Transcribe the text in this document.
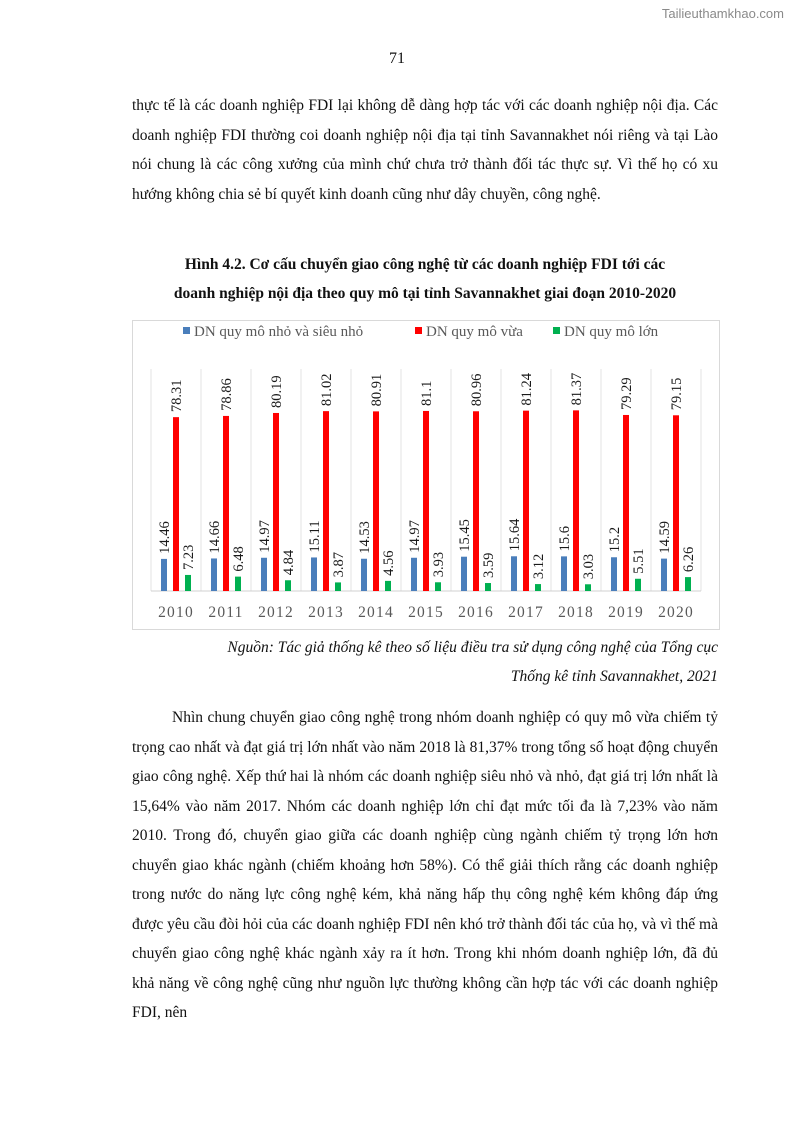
Tailieuthamkhao.com
71
thực tế là các doanh nghiệp FDI lại không dễ dàng hợp tác với các doanh nghiệp nội địa. Các doanh nghiệp FDI thường coi doanh nghiệp nội địa tại tỉnh Savannakhet nói riêng và tại Lào nói chung là các công xưởng của mình chứ chưa trở thành đối tác thực sự. Vì thế họ có xu hướng không chia sẻ bí quyết kinh doanh cũng như dây chuyền, công nghệ.
Hình 4.2. Cơ cấu chuyển giao công nghệ từ các doanh nghiệp FDI tới các
doanh nghiệp nội địa theo quy mô tại tỉnh Savannakhet giai đoạn 2010-2020
DN quy mô nhỏ và siêu nhỏ	DN quy mô vừa	DN quy mô lớn
14.46
78.31
7.23
2010
14.66
78.86
6.48
2011
14.97
80.19
4.84
2012
15.11
81.02
3.87
2013
14.53
80.91
4.56
2014
14.97
81.1
3.93
2015
15.45
80.96
3.59
2016
15.64
81.24
3.12
2017
15.6
81.37
3.03
2018
15.2
79.29
5.51
2019
14.59
79.15
6.26
2020
Nguồn: Tác giả thống kê theo số liệu điều tra sử dụng công nghệ của Tổng cục
Thống kê tỉnh Savannakhet, 2021
Nhìn chung chuyển giao công nghệ trong nhóm doanh nghiệp có quy mô vừa chiếm tỷ trọng cao nhất và đạt giá trị lớn nhất vào năm 2018 là 81,37% trong tổng số hoạt động chuyển giao công nghệ. Xếp thứ hai là nhóm các doanh nghiệp siêu nhỏ và nhỏ, đạt giá trị lớn nhất là 15,64% vào năm 2017. Nhóm các doanh nghiệp lớn chỉ đạt mức tối đa là 7,23% vào năm 2010. Trong đó, chuyển giao giữa các doanh nghiệp cùng ngành chiếm tỷ trọng lớn hơn chuyển giao khác ngành (chiếm khoảng hơn 58%). Có thể giải thích rằng các doanh nghiệp trong nước do năng lực công nghệ kém, khả năng hấp thụ công nghệ kém không đáp ứng được yêu cầu đòi hỏi của các doanh nghiệp FDI nên khó trở thành đối tác của họ, và vì thế mà chuyển giao công nghệ khác ngành xảy ra ít hơn. Trong khi nhóm doanh nghiệp lớn, đã đủ khả năng về công nghệ cũng như nguồn lực thường không cần hợp tác với các doanh nghiệp FDI, nên
